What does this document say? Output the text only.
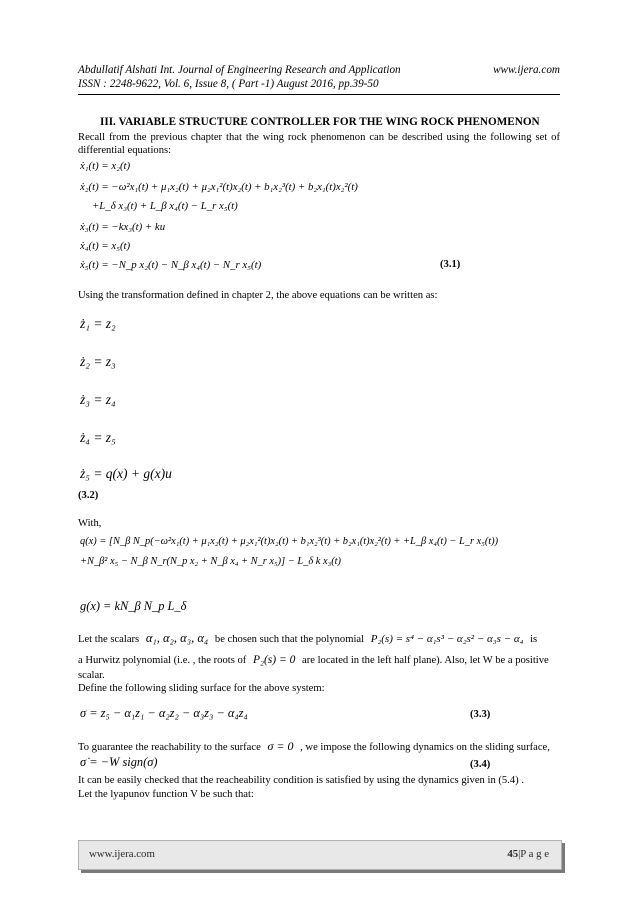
Abdullatif Alshati Int. Journal of Engineering Research and Application	www.ijera.com
ISSN : 2248-9622, Vol. 6, Issue 8, ( Part -1) August 2016, pp.39-50
III. VARIABLE STRUCTURE CONTROLLER FOR THE WING ROCK PHENOMENON
Recall from the previous chapter that the wing rock phenomenon can be described using the following set of differential equations:
ẋ₁(t) = x₂(t)
ẋ₂(t) = −ω²x₁(t) + μ₁x₂(t) + μ₂x₁²(t)x₂(t) + b₁x₂³(t) + b₂x₁(t)x₂²(t)
+L_δ x₃(t) + L_β x₄(t) − L_r x₅(t)
ẋ₃(t) = −kx₃(t) + ku
ẋ₄(t) = x₅(t)
ẋ₅(t) = −N_p x₂(t) − N_β x₄(t) − N_r x₅(t)	(3.1)
Using the transformation defined in chapter 2, the above equations can be written as:
ż₁ = z₂
ż₂ = z₃
ż₃ = z₄
ż₄ = z₅
ż₅ = q(x) + g(x)u
(3.2)
With,
q(x) = [N_β N_p(−ω²x₁(t) + μ₁x₂(t) + μ₂x₁²(t)x₂(t) + b₁x₂³(t) + b₂x₁(t)x₂²(t) + +L_β x₄(t) − L_r x₅(t))
+N_β² x₅ − N_β N_r(N_p x₂ + N_β x₄ + N_r x₅)] − L_δ k x₃(t)
g(x) = kN_β N_p L_δ
Let the scalars α₁, α₂, α₃, α₄ be chosen such that the polynomial P₂(s) = s⁴ − α₁s³ − α₂s² − α₃s − α₄ is
a Hurwitz polynomial (i.e. , the roots of P₂(s) = 0 are located in the left half plane). Also, let W be a positive
scalar.
Define the following sliding surface for the above system:
σ = z₅ − α₁z₁ − α₂z₂ − α₃z₃ − α₄z₄	(3.3)
To guarantee the reachability to the surface σ = 0 , we impose the following dynamics on the sliding surface,
σ̇ = −W sign(σ)	(3.4)
It can be easily checked that the reacheability condition is satisfied by using the dynamics given in (5.4) .
Let the lyapunov function V be such that:
www.ijera.com	45|P a g e
